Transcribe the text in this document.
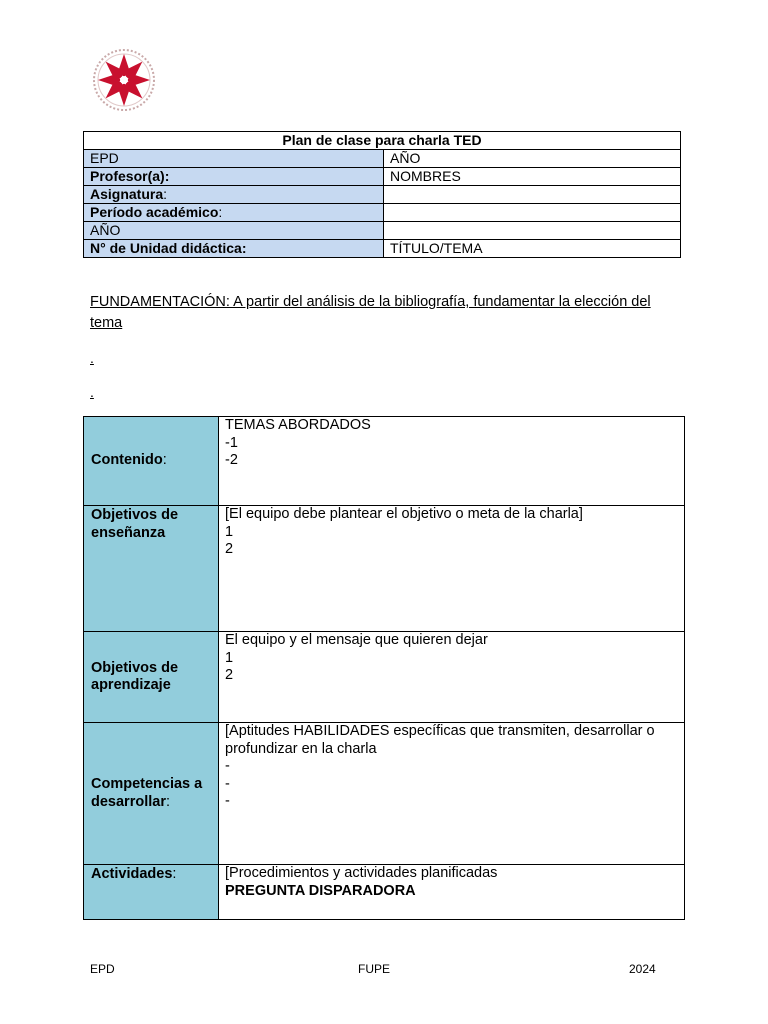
Plan de clase para charla TED	
EPD	AÑO
Profesor(a):	NOMBRES
Asignatura:	
Período académico:	
AÑO	
N° de Unidad didáctica:	TÍTULO/TEMA
FUNDAMENTACIÓN: A partir del análisis de la bibliografía, fundamentar la elección del tema
.
.
Contenido:	TEMAS ABORDADOS
-1
-2

Objetivos de enseñanza	[El equipo debe plantear el objetivo o meta de la charla]
1
2

Objetivos de aprendizaje	El equipo y el mensaje que quieren dejar
1
2

Competencias a desarrollar:	[Aptitudes HABILIDADES específicas que transmiten, desarrollar o profundizar en la charla
-
-
-

Actividades:	[Procedimientos y actividades planificadas
PREGUNTA DISPARADORA
EPD	FUPE	2024
